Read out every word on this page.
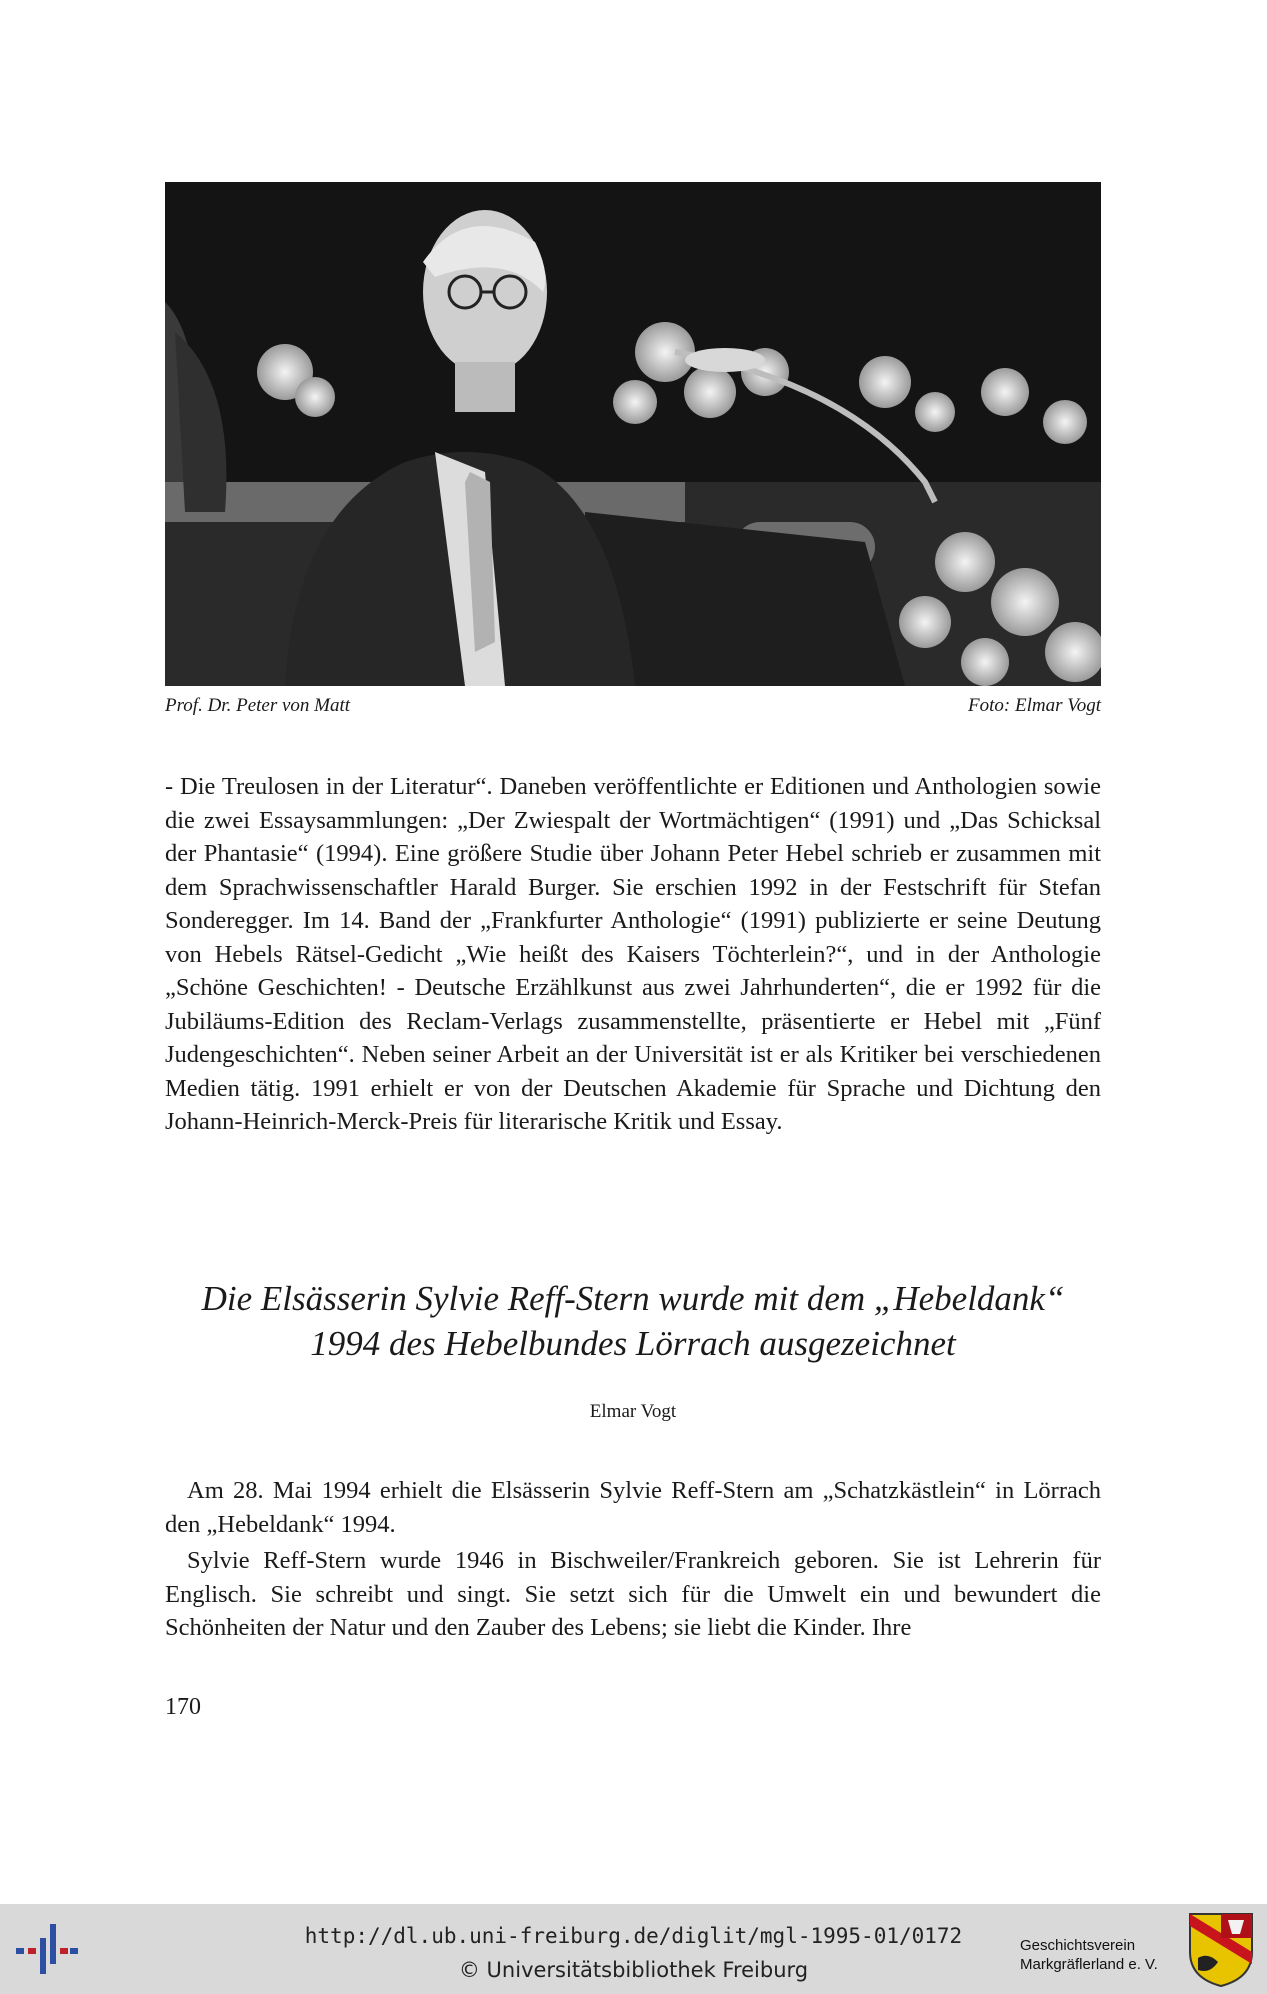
Prof. Dr. Peter von Matt	Foto: Elmar Vogt

- Die Treulosen in der Literatur“. Daneben veröffentlichte er Editionen und Anthologien sowie die zwei Essaysammlungen: „Der Zwiespalt der Wortmächtigen“ (1991) und „Das Schicksal der Phantasie“ (1994). Eine größere Studie über Johann Peter Hebel schrieb er zusammen mit dem Sprachwissenschaftler Harald Burger. Sie erschien 1992 in der Festschrift für Stefan Sonderegger. Im 14. Band der „Frankfurter Anthologie“ (1991) publizierte er seine Deutung von Hebels Rätsel-Gedicht „Wie heißt des Kaisers Töchterlein?“, und in der Anthologie „Schöne Geschichten! - Deutsche Erzählkunst aus zwei Jahrhunderten“, die er 1992 für die Jubiläums-Edition des Reclam-Verlags zusammenstellte, präsentierte er Hebel mit „Fünf Judengeschichten“. Neben seiner Arbeit an der Universität ist er als Kritiker bei verschiedenen Medien tätig. 1991 erhielt er von der Deutschen Akademie für Sprache und Dichtung den Johann-Heinrich-Merck-Preis für literarische Kritik und Essay.

Die Elsässerin Sylvie Reff-Stern wurde mit dem „Hebeldank“ 1994 des Hebelbundes Lörrach ausgezeichnet
Elmar Vogt

Am 28. Mai 1994 erhielt die Elsässerin Sylvie Reff-Stern am „Schatzkästlein“ in Lörrach den „Hebeldank“ 1994.

Sylvie Reff-Stern wurde 1946 in Bischweiler/Frankreich geboren. Sie ist Lehrerin für Englisch. Sie schreibt und singt. Sie setzt sich für die Umwelt ein und bewundert die Schönheiten der Natur und den Zauber des Lebens; sie liebt die Kinder. Ihre

170
http://dl.ub.uni-freiburg.de/diglit/mgl-1995-01/0172
© Universitätsbibliothek Freiburg
Geschichtsverein
Markgräflerland e. V.
